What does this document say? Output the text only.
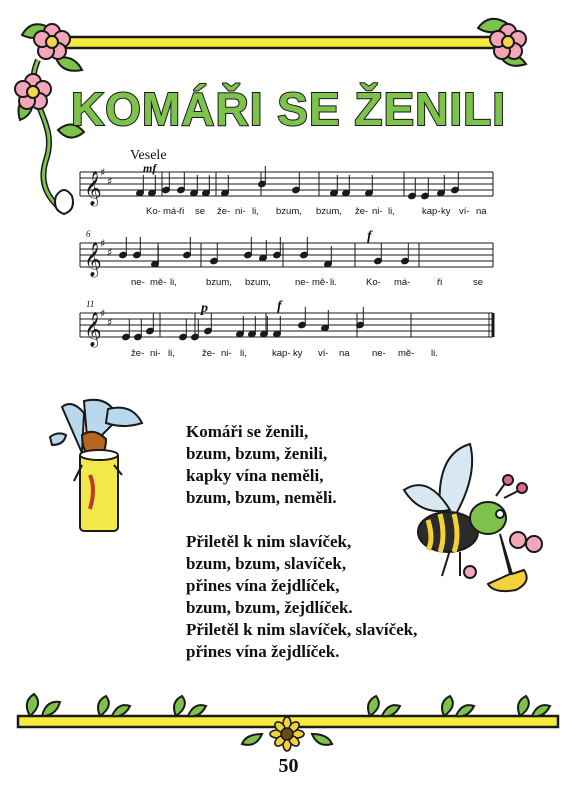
KOMÁŘI SE ŽENILI
Vesele
𝄞
♯
♯
𝄞
♯
♯
𝄞
♯
♯
mf
f
p	f
6
11
Ko- má- ři se že- ni- li, bzum, bzum, že- ni- li,	kap- ky ví- na
ne- mě- li,	bzum, bzum,	ne- mě- li.	Ko- má-	ři	se
že- ni- li,	že- ni- li,	kap- ky ví- na ne- mě- li.
Komáři se ženili,
bzum, bzum, ženili,
kapky vína neměli,
bzum, bzum, neměli.
Přiletěl k nim slavíček,
bzum, bzum, slavíček,
přines vína žejdlíček,
bzum, bzum, žejdlíček.
Přiletěl k nim slavíček, slavíček,
přines vína žejdlíček.
50
